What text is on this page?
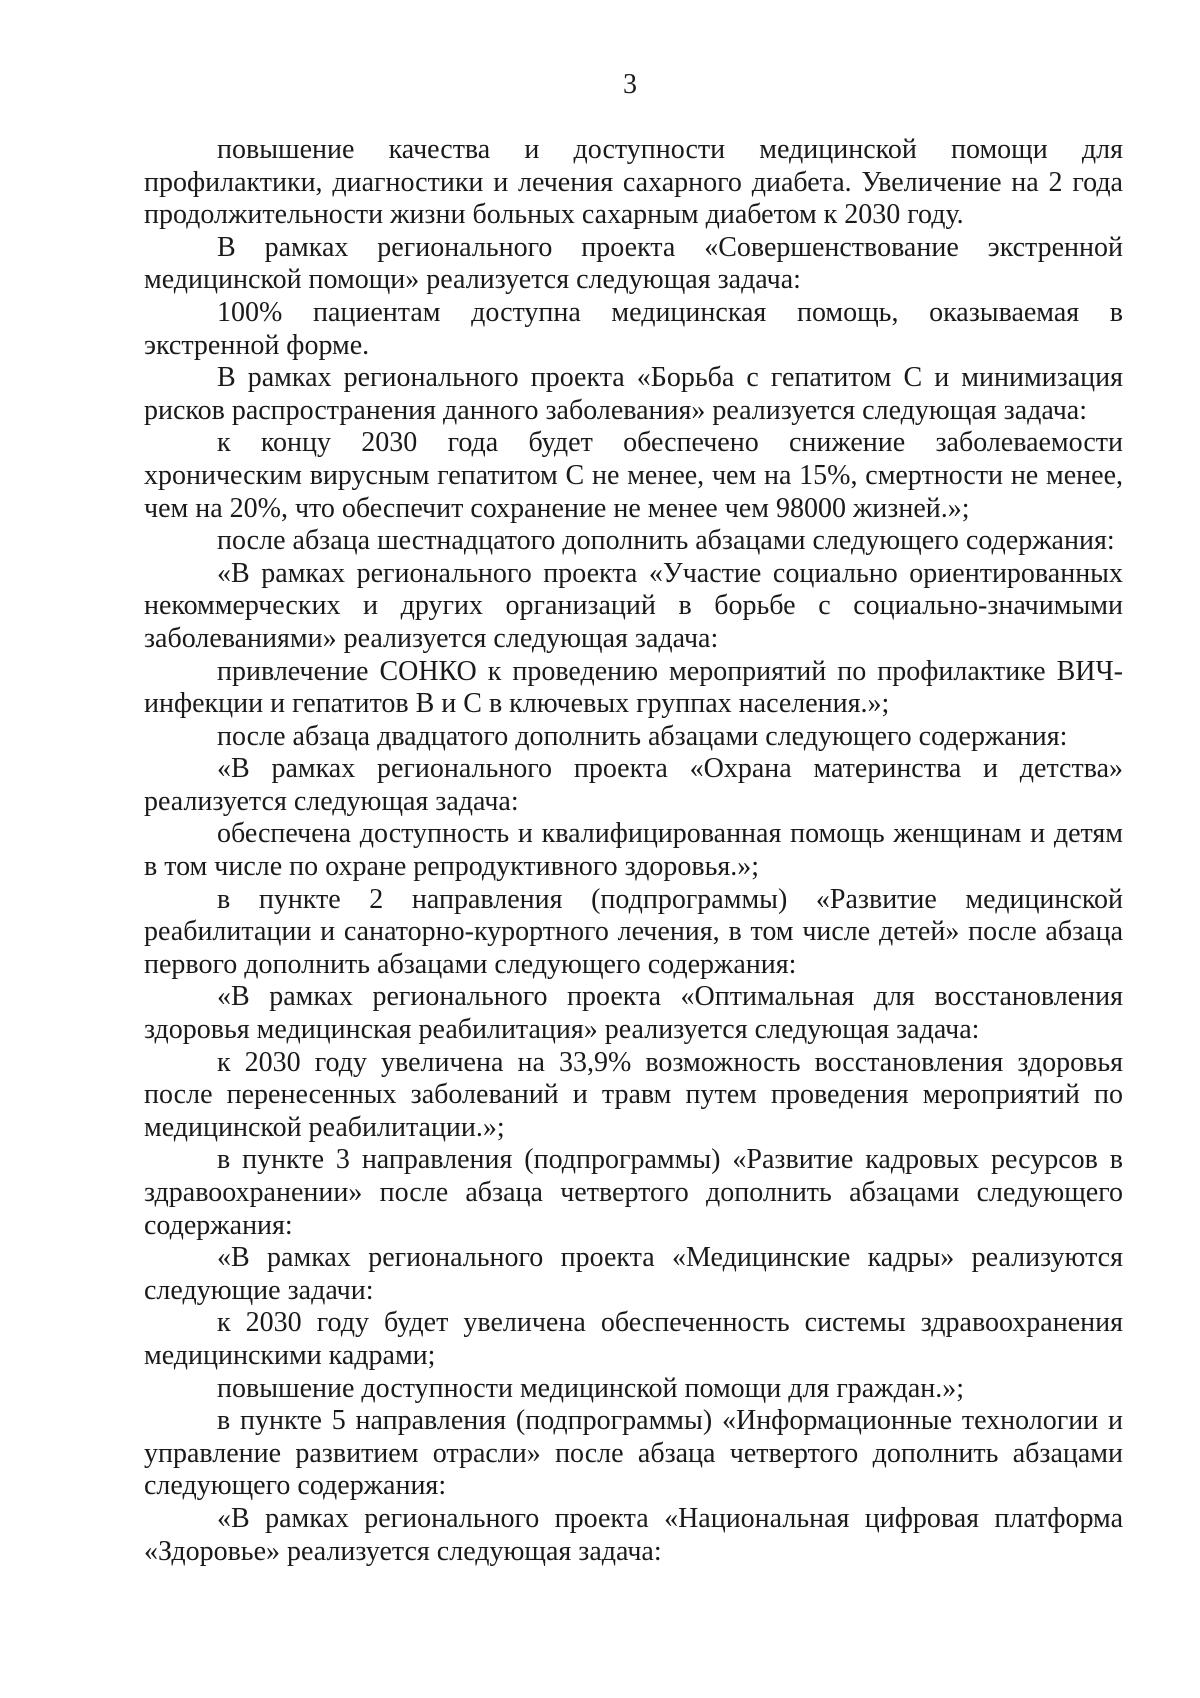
3

повышение качества и доступности медицинской помощи для профилактики, диагностики и лечения сахарного диабета. Увеличение на 2 года продолжительности жизни больных сахарным диабетом к 2030 году.

В рамках регионального проекта «Совершенствование экстренной медицинской помощи» реализуется следующая задача:

100% пациентам доступна медицинская помощь, оказываемая в экстренной форме.

В рамках регионального проекта «Борьба с гепатитом С и минимизация рисков распространения данного заболевания» реализуется следующая задача:

к концу 2030 года будет обеспечено снижение заболеваемости хроническим вирусным гепатитом С не менее, чем на 15%, смертности не менее, чем на 20%, что обеспечит сохранение не менее чем 98000 жизней.»;

после абзаца шестнадцатого дополнить абзацами следующего содержания:

«В рамках регионального проекта «Участие социально ориентированных некоммерческих и других организаций в борьбе с социально-значимыми заболеваниями» реализуется следующая задача:

привлечение СОНКО к проведению мероприятий по профилактике ВИЧ-инфекции и гепатитов В и С в ключевых группах населения.»;

после абзаца двадцатого дополнить абзацами следующего содержания:

«В рамках регионального проекта «Охрана материнства и детства» реализуется следующая задача:

обеспечена доступность и квалифицированная помощь женщинам и детям в том числе по охране репродуктивного здоровья.»;

в пункте 2 направления (подпрограммы) «Развитие медицинской реабилитации и санаторно-курортного лечения, в том числе детей» после абзаца первого дополнить абзацами следующего содержания:

«В рамках регионального проекта «Оптимальная для восстановления здоровья медицинская реабилитация» реализуется следующая задача:

к 2030 году увеличена на 33,9% возможность восстановления здоровья после перенесенных заболеваний и травм путем проведения мероприятий по медицинской реабилитации.»;

в пункте 3 направления (подпрограммы) «Развитие кадровых ресурсов в здравоохранении» после абзаца четвертого дополнить абзацами следующего содержания:

«В рамках регионального проекта «Медицинские кадры» реализуются следующие задачи:

к 2030 году будет увеличена обеспеченность системы здравоохранения медицинскими кадрами;

повышение доступности медицинской помощи для граждан.»;

в пункте 5 направления (подпрограммы) «Информационные технологии и управление развитием отрасли» после абзаца четвертого дополнить абзацами следующего содержания:

«В рамках регионального проекта «Национальная цифровая платформа «Здоровье» реализуется следующая задача:
